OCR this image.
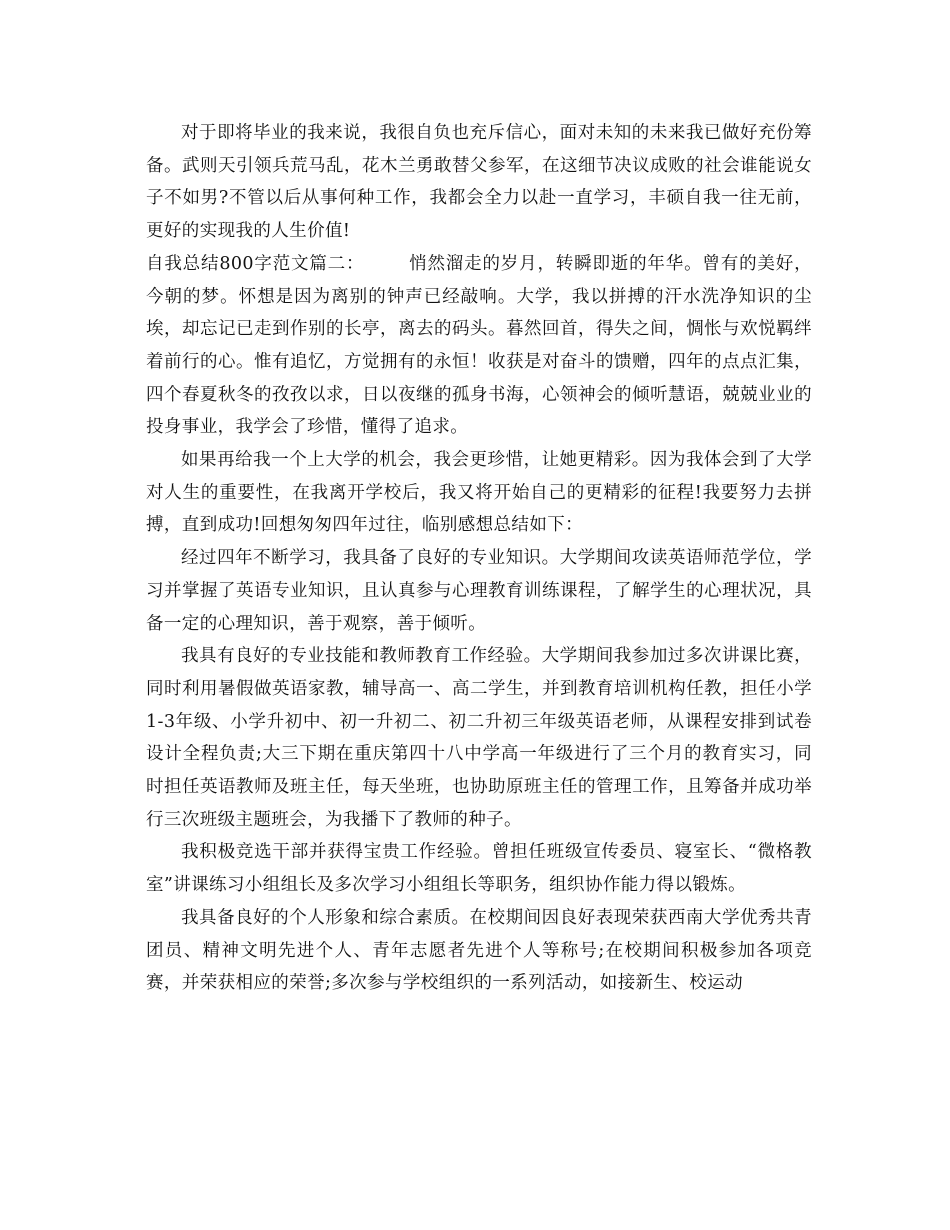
对于即将毕业的我来说，我很自负也充斥信心，面对未知的未来我已做好充份筹备。武则天引领兵荒马乱，花木兰勇敢替父参军，在这细节决议成败的社会谁能说女子不如男?不管以后从事何种工作，我都会全力以赴一直学习，丰硕自我一往无前，更好的实现我的人生价值!

自我总结800字范文篇二：	悄然溜走的岁月，转瞬即逝的年华。曾有的美好，今朝的梦。怀想是因为离别的钟声已经敲响。大学，我以拼搏的汗水洗净知识的尘埃，却忘记已走到作别的长亭，离去的码头。暮然回首，得失之间，惆怅与欢悦羁绊着前行的心。惟有追忆，方觉拥有的永恒！收获是对奋斗的馈赠，四年的点点汇集，四个春夏秋冬的孜孜以求，日以夜继的孤身书海，心领神会的倾听慧语，兢兢业业的投身事业，我学会了珍惜，懂得了追求。

如果再给我一个上大学的机会，我会更珍惜，让她更精彩。因为我体会到了大学对人生的重要性，在我离开学校后，我又将开始自己的更精彩的征程!我要努力去拼搏，直到成功!回想匆匆四年过往，临别感想总结如下：

经过四年不断学习，我具备了良好的专业知识。大学期间攻读英语师范学位，学习并掌握了英语专业知识，且认真参与心理教育训练课程，了解学生的心理状况，具备一定的心理知识，善于观察，善于倾听。

我具有良好的专业技能和教师教育工作经验。大学期间我参加过多次讲课比赛，同时利用暑假做英语家教，辅导高一、高二学生，并到教育培训机构任教，担任小学1-3年级、小学升初中、初一升初二、初二升初三年级英语老师，从课程安排到试卷设计全程负责;大三下期在重庆第四十八中学高一年级进行了三个月的教育实习，同时担任英语教师及班主任，每天坐班，也协助原班主任的管理工作，且筹备并成功举行三次班级主题班会，为我播下了教师的种子。

我积极竞选干部并获得宝贵工作经验。曾担任班级宣传委员、寝室长、“微格教室”讲课练习小组组长及多次学习小组组长等职务，组织协作能力得以锻炼。

我具备良好的个人形象和综合素质。在校期间因良好表现荣获西南大学优秀共青团员、精神文明先进个人、青年志愿者先进个人等称号;在校期间积极参加各项竞赛，并荣获相应的荣誉;多次参与学校组织的一系列活动，如接新生、校运动
